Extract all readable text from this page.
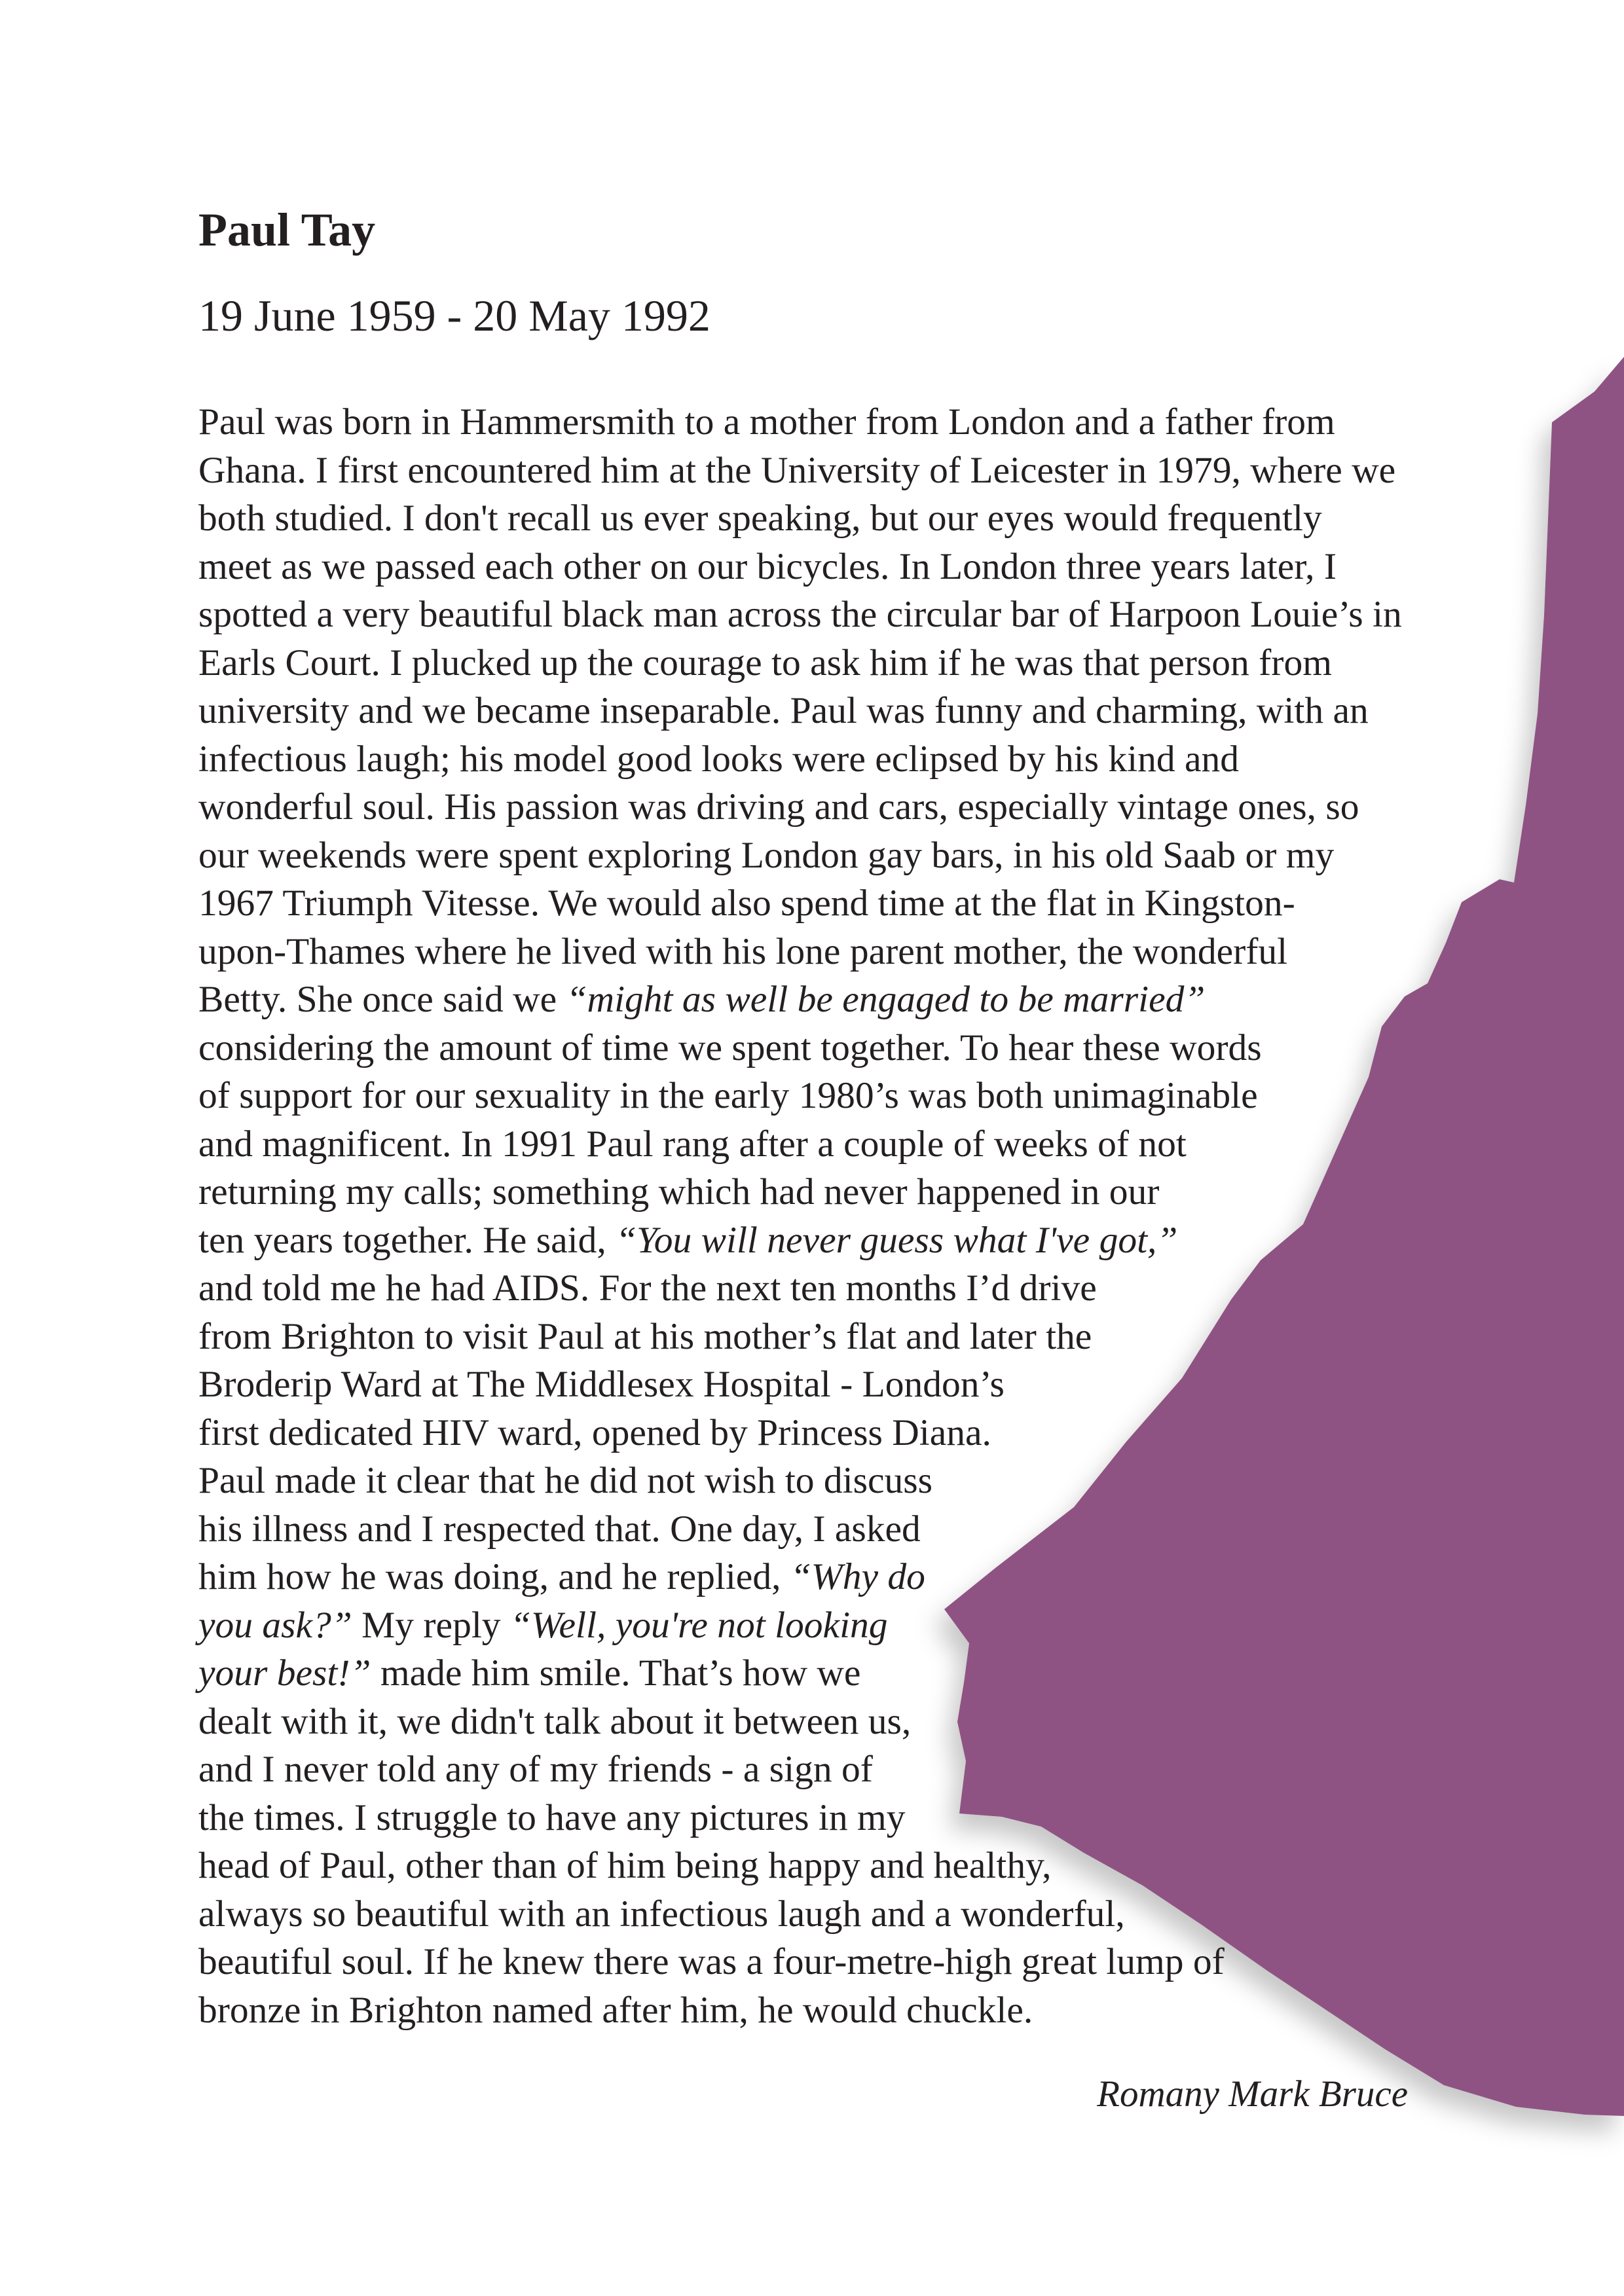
Paul Tay
19 June 1959 - 20 May 1992
Paul was born in Hammersmith to a mother from London and a father from
Ghana. I first encountered him at the University of Leicester in 1979, where we
both studied. I don't recall us ever speaking, but our eyes would frequently
meet as we passed each other on our bicycles. In London three years later, I
spotted a very beautiful black man across the circular bar of Harpoon Louie’s in
Earls Court. I plucked up the courage to ask him if he was that person from
university and we became inseparable. Paul was funny and charming, with an
infectious laugh; his model good looks were eclipsed by his kind and
wonderful soul. His passion was driving and cars, especially vintage ones, so
our weekends were spent exploring London gay bars, in his old Saab or my
1967 Triumph Vitesse. We would also spend time at the flat in Kingston-
upon-Thames where he lived with his lone parent mother, the wonderful
Betty. She once said we “might as well be engaged to be married”
considering the amount of time we spent together. To hear these words
of support for our sexuality in the early 1980’s was both unimaginable
and magnificent. In 1991 Paul rang after a couple of weeks of not
returning my calls; something which had never happened in our
ten years together. He said, “You will never guess what I've got,”
and told me he had AIDS. For the next ten months I’d drive
from Brighton to visit Paul at his mother’s flat and later the
Broderip Ward at The Middlesex Hospital - London’s
first dedicated HIV ward, opened by Princess Diana.
Paul made it clear that he did not wish to discuss
his illness and I respected that. One day, I asked
him how he was doing, and he replied, “Why do
you ask?” My reply “Well, you're not looking
your best!” made him smile. That’s how we
dealt with it, we didn't talk about it between us,
and I never told any of my friends - a sign of
the times. I struggle to have any pictures in my
head of Paul, other than of him being happy and healthy,
always so beautiful with an infectious laugh and a wonderful,
beautiful soul. If he knew there was a four-metre-high great lump of
bronze in Brighton named after him, he would chuckle.
Romany Mark Bruce
